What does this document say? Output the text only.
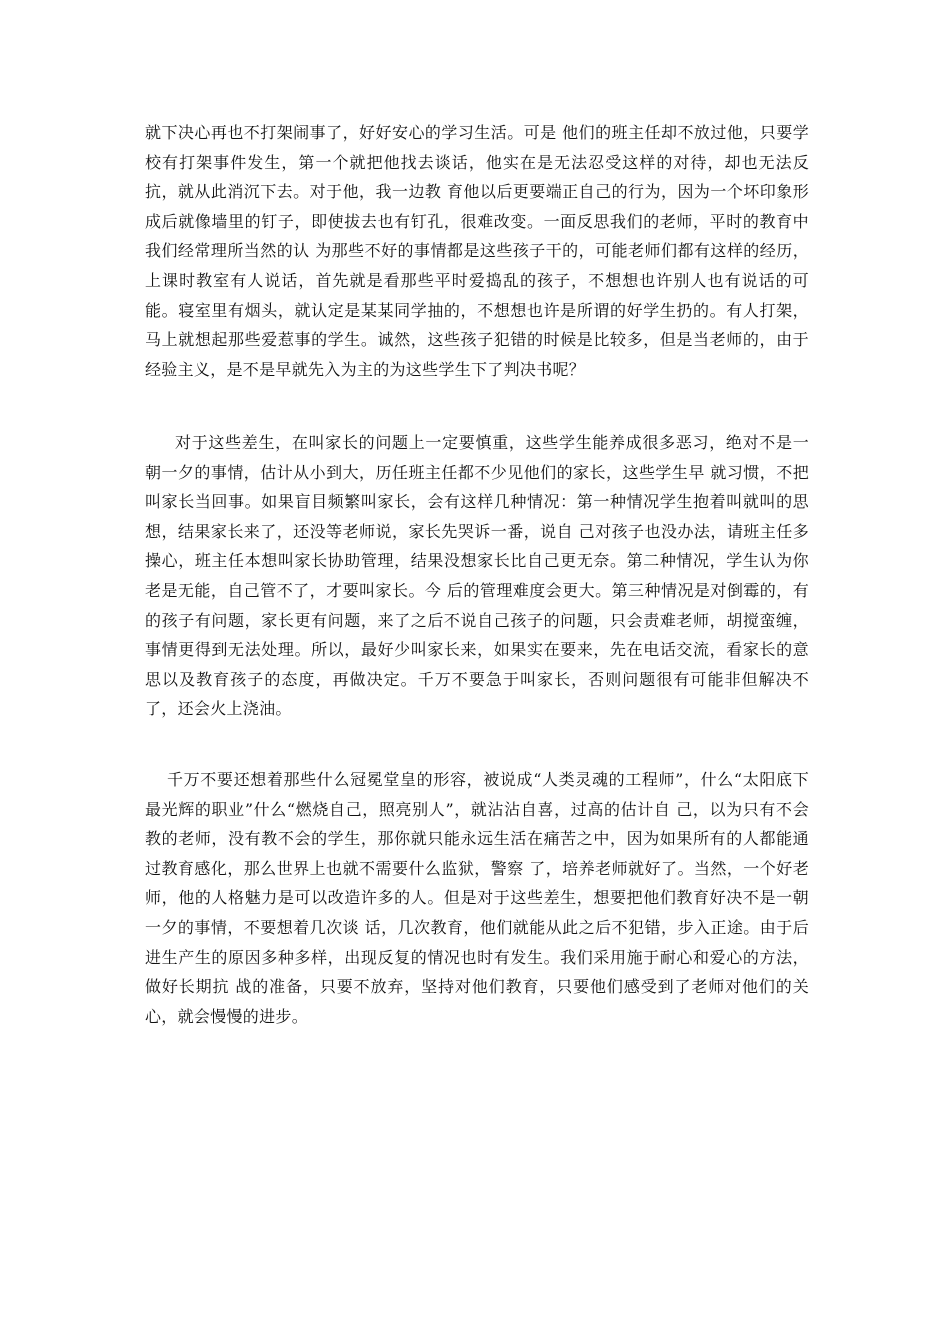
就下决心再也不打架闹事了，好好安心的学习生活。可是 他们的班主任却不放过他，只要学校有打架事件发生，第一个就把他找去谈话，他实在是无法忍受这样的对待，却也无法反抗，就从此消沉下去。对于他，我一边教 育他以后更要端正自己的行为，因为一个坏印象形成后就像墙里的钉子，即使拔去也有钉孔，很难改变。一面反思我们的老师，平时的教育中我们经常理所当然的认 为那些不好的事情都是这些孩子干的，可能老师们都有这样的经历，上课时教室有人说话，首先就是看那些平时爱捣乱的孩子，不想想也许别人也有说话的可能。寝室里有烟头，就认定是某某同学抽的，不想想也许是所谓的好学生扔的。有人打架，马上就想起那些爱惹事的学生。诚然，这些孩子犯错的时候是比较多，但是当老师的，由于经验主义，是不是早就先入为主的为这些学生下了判决书呢？

对于这些差生，在叫家长的问题上一定要慎重，这些学生能养成很多恶习，绝对不是一朝一夕的事情，估计从小到大，历任班主任都不少见他们的家长，这些学生早 就习惯，不把叫家长当回事。如果盲目频繁叫家长，会有这样几种情况：第一种情况学生抱着叫就叫的思想，结果家长来了，还没等老师说，家长先哭诉一番，说自 己对孩子也没办法，请班主任多操心，班主任本想叫家长协助管理，结果没想家长比自己更无奈。第二种情况，学生认为你老是无能，自己管不了，才要叫家长。今 后的管理难度会更大。第三种情况是对倒霉的，有的孩子有问题，家长更有问题，来了之后不说自己孩子的问题，只会责难老师，胡搅蛮缠，事情更得到无法处理。所以，最好少叫家长来，如果实在要来，先在电话交流，看家长的意思以及教育孩子的态度，再做决定。千万不要急于叫家长，否则问题很有可能非但解决不了，还会火上浇油。

千万不要还想着那些什么冠冕堂皇的形容，被说成“人类灵魂的工程师”，什么“太阳底下最光辉的职业”什么“燃烧自己，照亮别人”，就沾沾自喜，过高的估计自 己，以为只有不会教的老师，没有教不会的学生，那你就只能永远生活在痛苦之中，因为如果所有的人都能通过教育感化，那么世界上也就不需要什么监狱，警察 了，培养老师就好了。当然，一个好老师，他的人格魅力是可以改造许多的人。但是对于这些差生，想要把他们教育好决不是一朝一夕的事情，不要想着几次谈 话，几次教育，他们就能从此之后不犯错，步入正途。由于后进生产生的原因多种多样，出现反复的情况也时有发生。我们采用施于耐心和爱心的方法，做好长期抗 战的准备，只要不放弃，坚持对他们教育，只要他们感受到了老师对他们的关心，就会慢慢的进步。
